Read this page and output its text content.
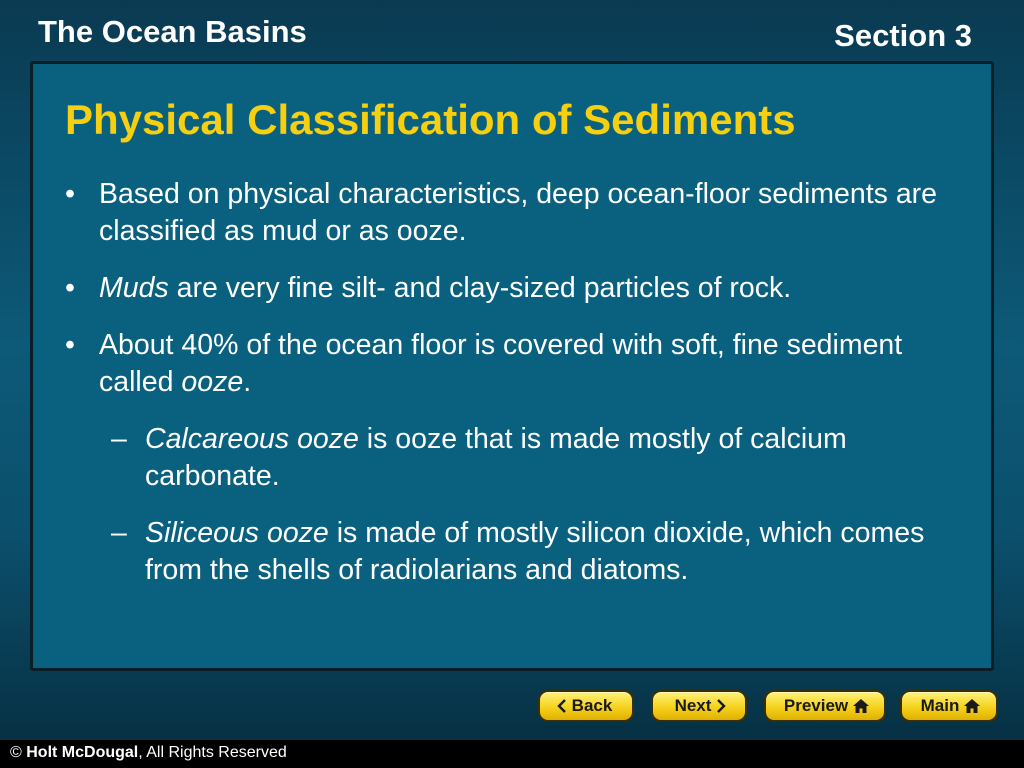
The Ocean Basins	Section 3
Physical Classification of Sediments
• Based on physical characteristics, deep ocean-floor sediments are classified as mud or as ooze.
• Muds are very fine silt- and clay-sized particles of rock.
• About 40% of the ocean floor is covered with soft, fine sediment called ooze.
– Calcareous ooze is ooze that is made mostly of calcium carbonate.
– Siliceous ooze is made of mostly silicon dioxide, which comes from the shells of radiolarians and diatoms.
Back	Next	Preview	Main
© Holt McDougal, All Rights Reserved
